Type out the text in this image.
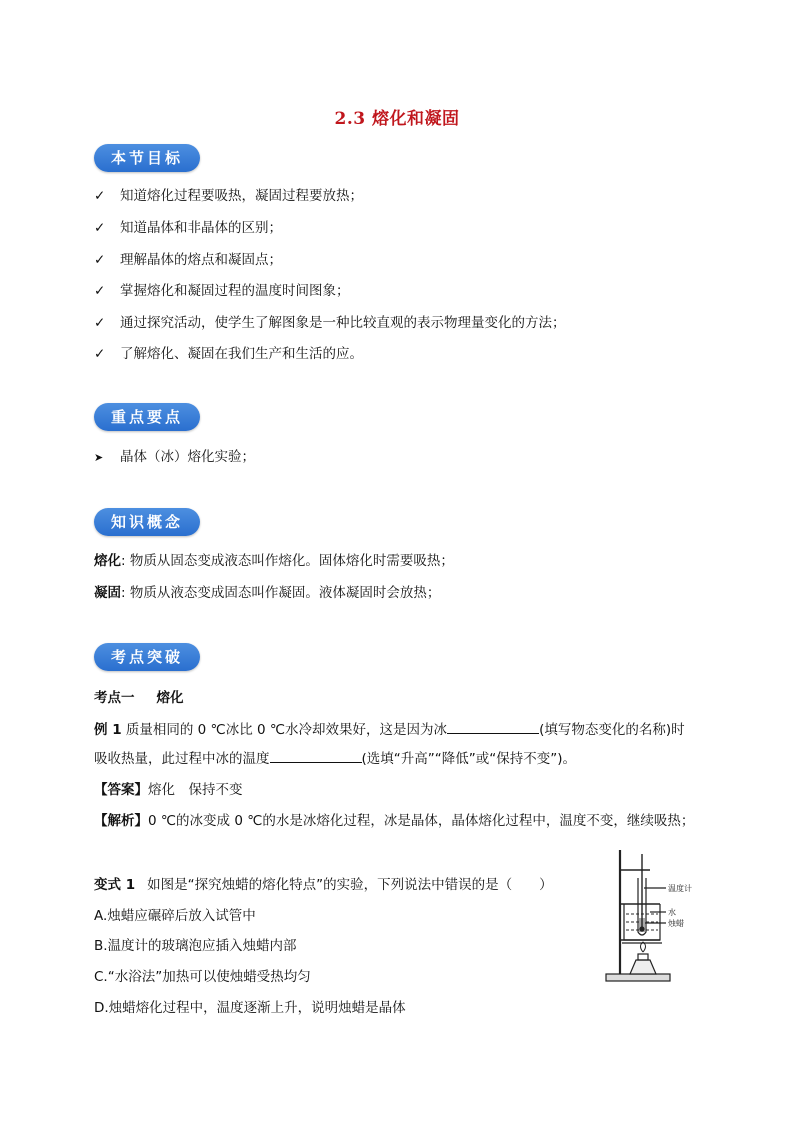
2.3 熔化和凝固
本节目标
✓ 知道熔化过程要吸热，凝固过程要放热；
✓ 知道晶体和非晶体的区别；
✓ 理解晶体的熔点和凝固点；
✓ 掌握熔化和凝固过程的温度时间图象；
✓ 通过探究活动，使学生了解图象是一种比较直观的表示物理量变化的方法；
✓ 了解熔化、凝固在我们生产和生活的应。
重点要点
➤ 晶体（冰）熔化实验；
知识概念
熔化: 物质从固态变成液态叫作熔化。固体熔化时需要吸热；
凝固: 物质从液态变成固态叫作凝固。液体凝固时会放热；
考点突破
考点一 熔化
例 1 质量相同的 0 ℃冰比 0 ℃水冷却效果好，这是因为冰	(填写物态变化的名称)时
吸收热量，此过程中冰的温度	(选填“升高”“降低”或“保持不变”)。
【答案】熔化　保持不变
【解析】0 ℃的冰变成 0 ℃的水是冰熔化过程，冰是晶体，晶体熔化过程中，温度不变，继续吸热；
变式 1 如图是“探究烛蜡的熔化特点”的实验，下列说法中错误的是（　　）
A.烛蜡应碾碎后放入试管中
B.温度计的玻璃泡应插入烛蜡内部
C.“水浴法”加热可以使烛蜡受热均匀
D.烛蜡熔化过程中，温度逐渐上升，说明烛蜡是晶体
温度计
水
烛蜡
